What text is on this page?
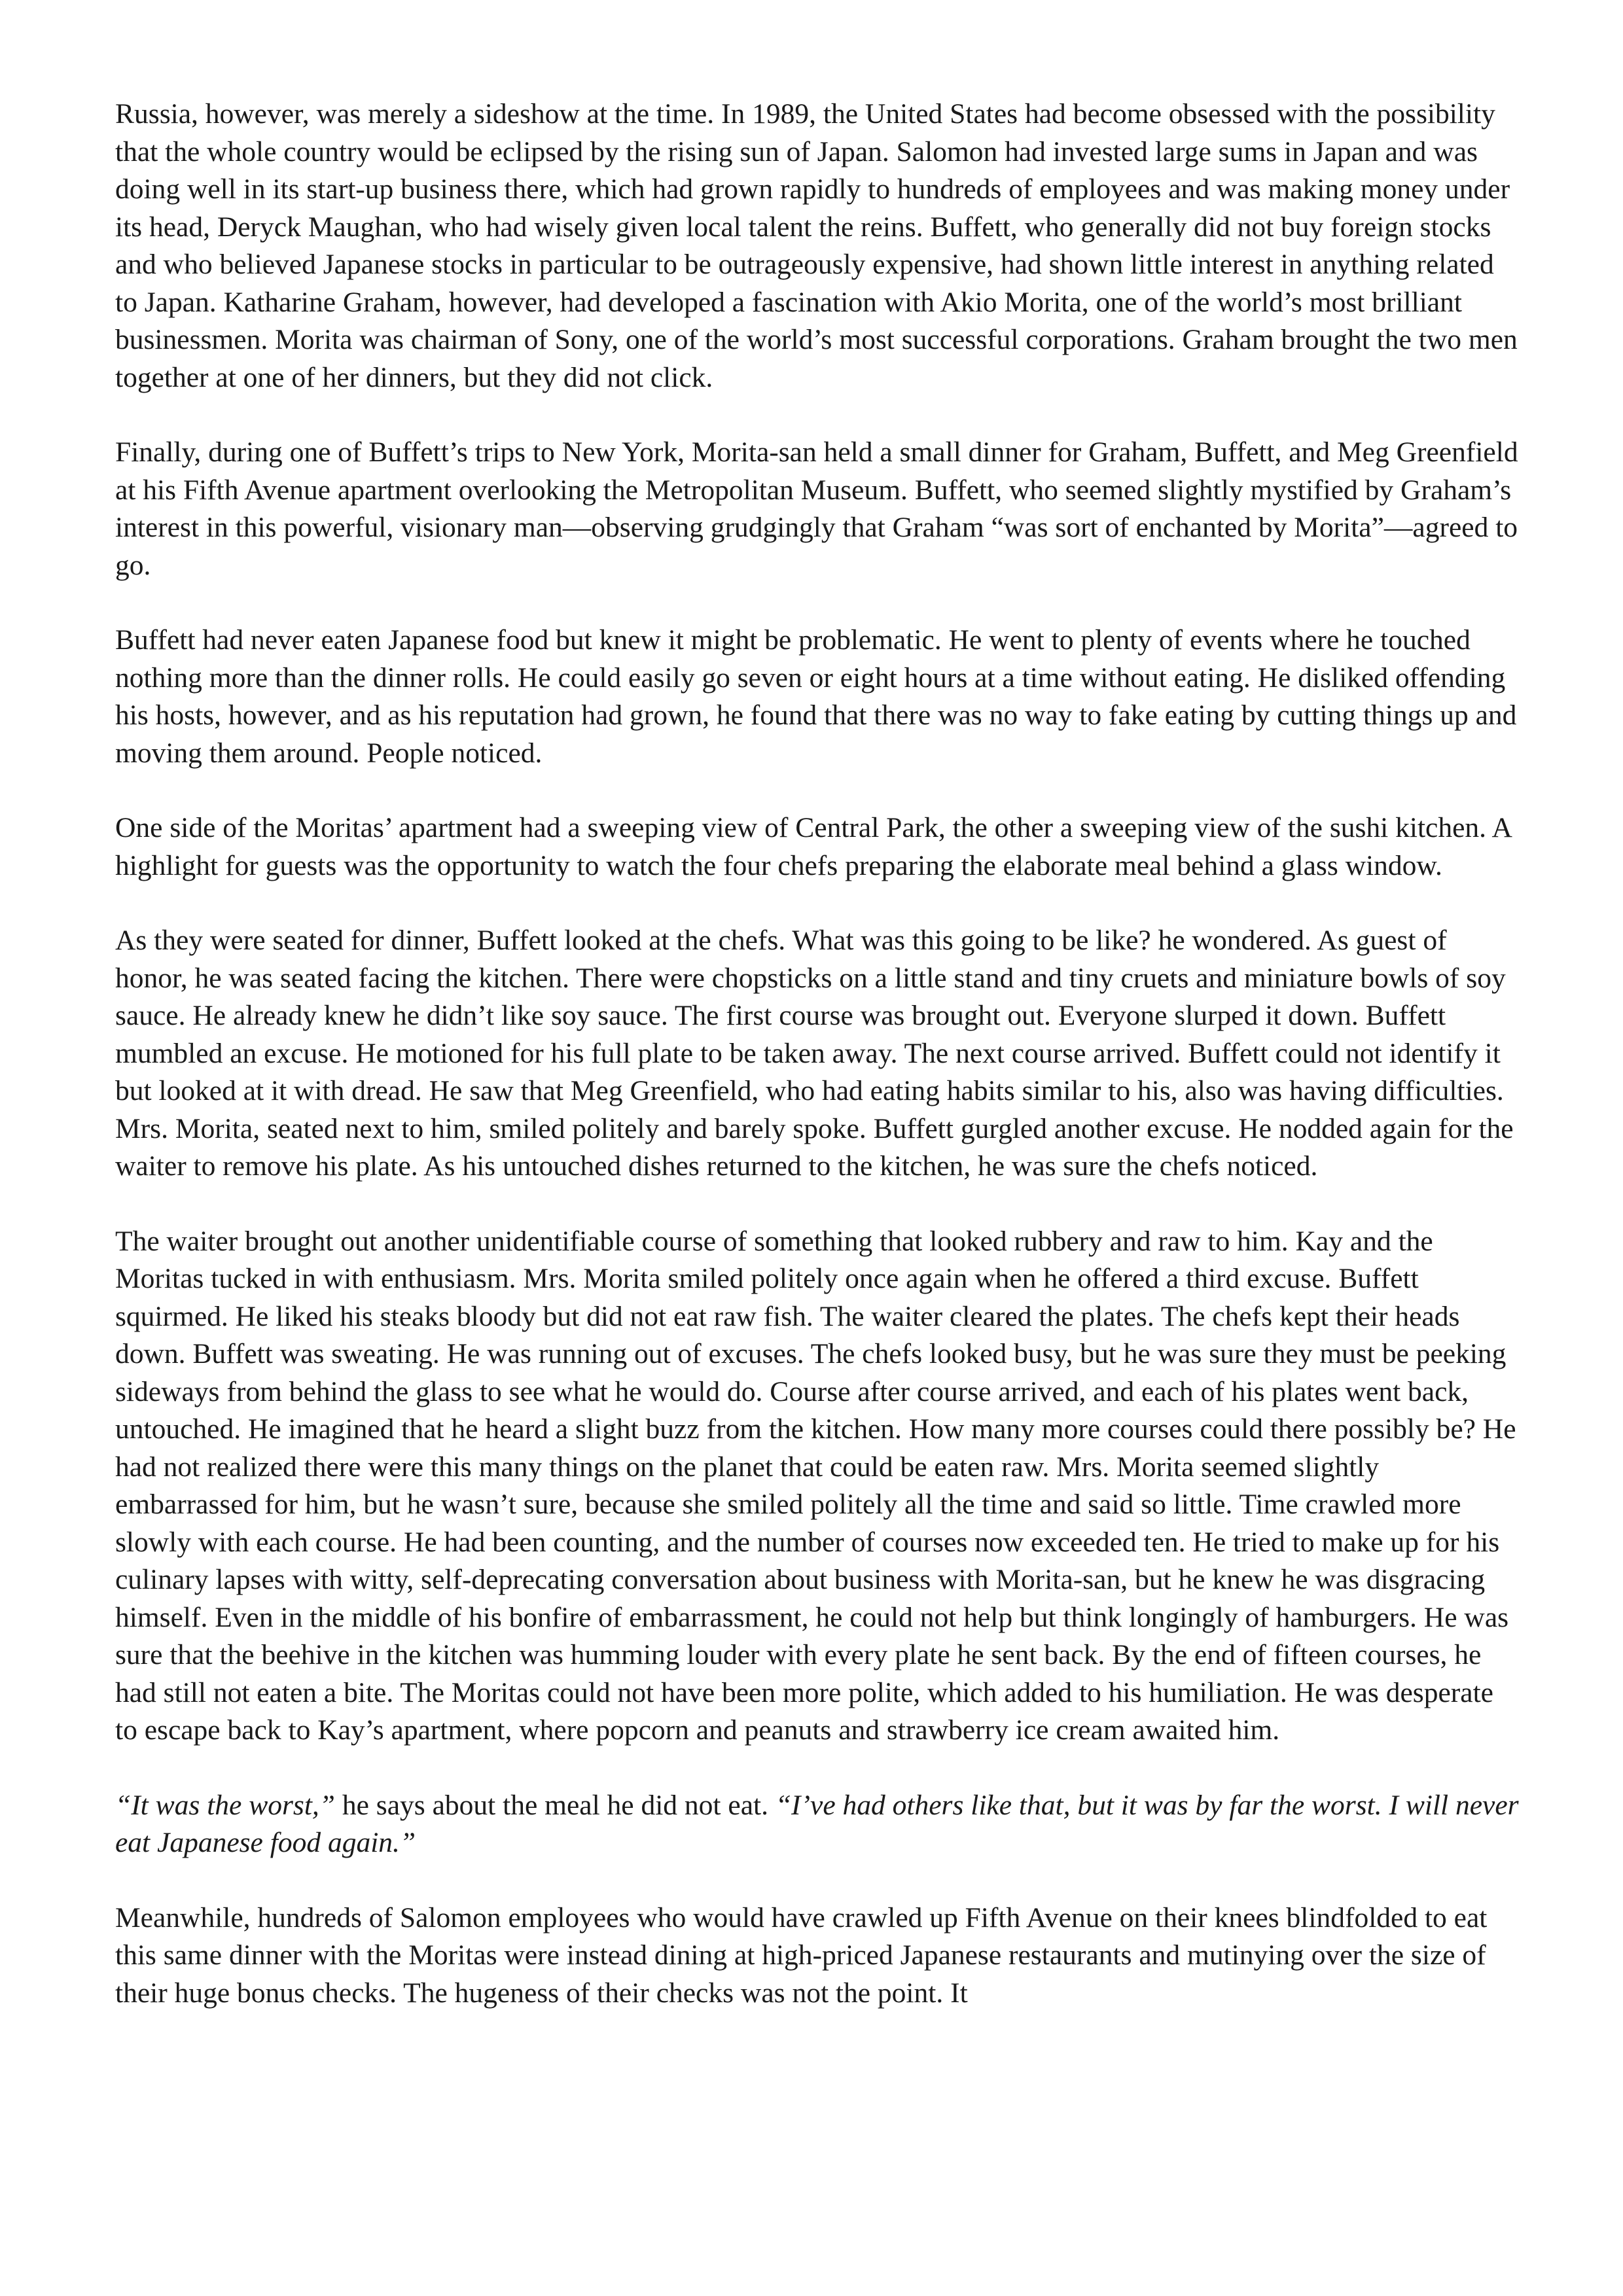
Russia, however, was merely a sideshow at the time. In 1989, the United States had become obsessed with the possibility that the whole country would be eclipsed by the rising sun of Japan. Salomon had invested large sums in Japan and was doing well in its start-up business there, which had grown rapidly to hundreds of employees and was making money under its head, Deryck Maughan, who had wisely given local talent the reins. Buffett, who generally did not buy foreign stocks and who believed Japanese stocks in particular to be outrageously expensive, had shown little interest in anything related to Japan. Katharine Graham, however, had developed a fascination with Akio Morita, one of the world’s most brilliant businessmen. Morita was chairman of Sony, one of the world’s most successful corporations. Graham brought the two men together at one of her dinners, but they did not click.

Finally, during one of Buffett’s trips to New York, Morita-san held a small dinner for Graham, Buffett, and Meg Greenfield at his Fifth Avenue apartment overlooking the Metropolitan Museum. Buffett, who seemed slightly mystified by Graham’s interest in this powerful, visionary man—observing grudgingly that Graham “was sort of enchanted by Morita”—agreed to go.

Buffett had never eaten Japanese food but knew it might be problematic. He went to plenty of events where he touched nothing more than the dinner rolls. He could easily go seven or eight hours at a time without eating. He disliked offending his hosts, however, and as his reputation had grown, he found that there was no way to fake eating by cutting things up and moving them around. People noticed.

One side of the Moritas’ apartment had a sweeping view of Central Park, the other a sweeping view of the sushi kitchen. A highlight for guests was the opportunity to watch the four chefs preparing the elaborate meal behind a glass window.

As they were seated for dinner, Buffett looked at the chefs. What was this going to be like? he wondered. As guest of honor, he was seated facing the kitchen. There were chopsticks on a little stand and tiny cruets and miniature bowls of soy sauce. He already knew he didn’t like soy sauce. The first course was brought out. Everyone slurped it down. Buffett mumbled an excuse. He motioned for his full plate to be taken away. The next course arrived. Buffett could not identify it but looked at it with dread. He saw that Meg Greenfield, who had eating habits similar to his, also was having difficulties. Mrs. Morita, seated next to him, smiled politely and barely spoke. Buffett gurgled another excuse. He nodded again for the waiter to remove his plate. As his untouched dishes returned to the kitchen, he was sure the chefs noticed.

The waiter brought out another unidentifiable course of something that looked rubbery and raw to him. Kay and the Moritas tucked in with enthusiasm. Mrs. Morita smiled politely once again when he offered a third excuse. Buffett squirmed. He liked his steaks bloody but did not eat raw fish. The waiter cleared the plates. The chefs kept their heads down. Buffett was sweating. He was running out of excuses. The chefs looked busy, but he was sure they must be peeking sideways from behind the glass to see what he would do. Course after course arrived, and each of his plates went back, untouched. He imagined that he heard a slight buzz from the kitchen. How many more courses could there possibly be? He had not realized there were this many things on the planet that could be eaten raw. Mrs. Morita seemed slightly embarrassed for him, but he wasn’t sure, because she smiled politely all the time and said so little. Time crawled more slowly with each course. He had been counting, and the number of courses now exceeded ten. He tried to make up for his culinary lapses with witty, self-deprecating conversation about business with Morita-san, but he knew he was disgracing himself. Even in the middle of his bonfire of embarrassment, he could not help but think longingly of hamburgers. He was sure that the beehive in the kitchen was humming louder with every plate he sent back. By the end of fifteen courses, he had still not eaten a bite. The Moritas could not have been more polite, which added to his humiliation. He was desperate to escape back to Kay’s apartment, where popcorn and peanuts and strawberry ice cream awaited him.

“It was the worst,” he says about the meal he did not eat. “I’ve had others like that, but it was by far the worst. I will never eat Japanese food again.”

Meanwhile, hundreds of Salomon employees who would have crawled up Fifth Avenue on their knees blindfolded to eat this same dinner with the Moritas were instead dining at high-priced Japanese restaurants and mutinying over the size of their huge bonus checks. The hugeness of their checks was not the point. It
